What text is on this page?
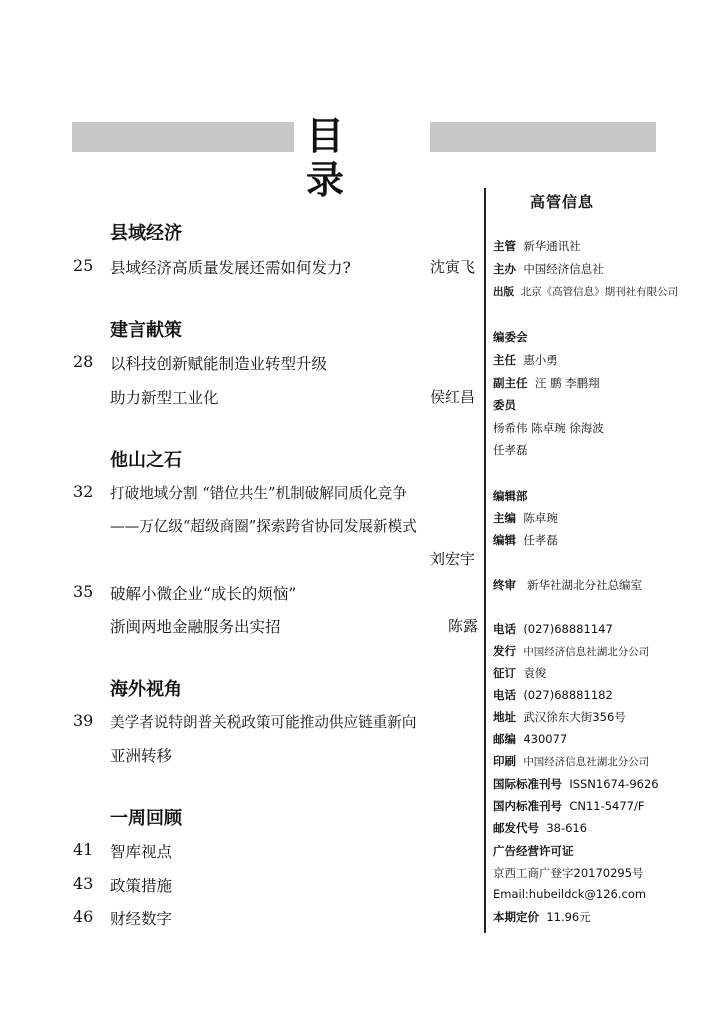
目 录
县域经济
25 县域经济高质量发展还需如何发力?	沈寅飞
建言献策
28 以科技创新赋能制造业转型升级
助力新型工业化	侯红昌
他山之石
32 打破地域分割 “错位共生”机制破解同质化竞争
——万亿级“超级商圈”探索跨省协同发展新模式
刘宏宇
35 破解小微企业“成长的烦恼”
浙闽两地金融服务出实招	陈露
海外视角
39 美学者说特朗普关税政策可能推动供应链重新向
亚洲转移
一周回顾
41 智库视点
43 政策措施
46 财经数字
高管信息
主管 新华通讯社
主办 中国经济信息社
出版 北京《高管信息》期刊社有限公司
编委会
主任 惠小勇
副主任 汪 鹏 李鹏翔
委员
杨希伟 陈卓琬 徐海波
任孝磊
编辑部
主编 陈卓琬
编辑 任孝磊
终审 新华社湖北分社总编室
电话 (027)68881147
发行 中国经济信息社湖北分公司
征订 袁俊
电话 (027)68881182
地址 武汉徐东大街356号
邮编 430077
印刷 中国经济信息社湖北分公司
国际标准刊号 ISSN1674-9626
国内标准刊号 CN11-5477/F
邮发代号 38-616
广告经营许可证
京西工商广登字20170295号
Email:hubeildck@126.com
本期定价 11.96元
